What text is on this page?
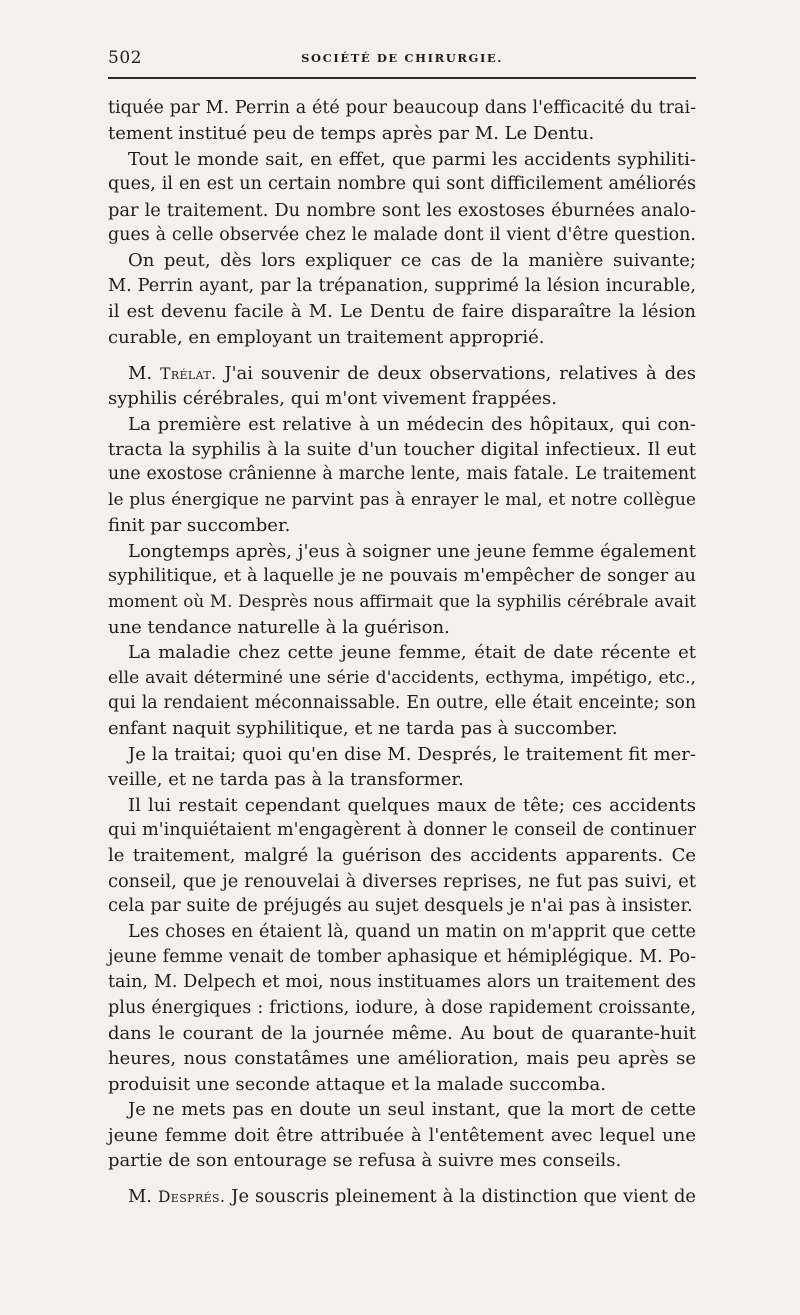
502	SOCIÉTÉ DE CHIRURGIE.
tiquée par M. Perrin a été pour beaucoup dans l'efficacité du trai-
tement institué peu de temps après par M. Le Dentu.
Tout le monde sait, en effet, que parmi les accidents syphiliti-
ques, il en est un certain nombre qui sont difficilement améliorés
par le traitement. Du nombre sont les exostoses éburnées analo-
gues à celle observée chez le malade dont il vient d'être question.
On peut, dès lors expliquer ce cas de la manière suivante;
M. Perrin ayant, par la trépanation, supprimé la lésion incurable,
il est devenu facile à M. Le Dentu de faire disparaître la lésion
curable, en employant un traitement approprié.
M. Trélat. J'ai souvenir de deux observations, relatives à des
syphilis cérébrales, qui m'ont vivement frappées.
La première est relative à un médecin des hôpitaux, qui con-
tracta la syphilis à la suite d'un toucher digital infectieux. Il eut
une exostose crânienne à marche lente, mais fatale. Le traitement
le plus énergique ne parvint pas à enrayer le mal, et notre collègue
finit par succomber.
Longtemps après, j'eus à soigner une jeune femme également
syphilitique, et à laquelle je ne pouvais m'empêcher de songer au
moment où M. Desprès nous affirmait que la syphilis cérébrale avait
une tendance naturelle à la guérison.
La maladie chez cette jeune femme, était de date récente et
elle avait déterminé une série d'accidents, ecthyma, impétigo, etc.,
qui la rendaient méconnaissable. En outre, elle était enceinte; son
enfant naquit syphilitique, et ne tarda pas à succomber.
Je la traitai; quoi qu'en dise M. Després, le traitement fit mer-
veille, et ne tarda pas à la transformer.
Il lui restait cependant quelques maux de tête; ces accidents
qui m'inquiétaient m'engagèrent à donner le conseil de continuer
le traitement, malgré la guérison des accidents apparents. Ce
conseil, que je renouvelai à diverses reprises, ne fut pas suivi, et
cela par suite de préjugés au sujet desquels je n'ai pas à insister.
Les choses en étaient là, quand un matin on m'apprit que cette
jeune femme venait de tomber aphasique et hémiplégique. M. Po-
tain, M. Delpech et moi, nous instituames alors un traitement des
plus énergiques : frictions, iodure, à dose rapidement croissante,
dans le courant de la journée même. Au bout de quarante-huit
heures, nous constatâmes une amélioration, mais peu après se
produisit une seconde attaque et la malade succomba.
Je ne mets pas en doute un seul instant, que la mort de cette
jeune femme doit être attribuée à l'entêtement avec lequel une
partie de son entourage se refusa à suivre mes conseils.
M. Després. Je souscris pleinement à la distinction que vient de
